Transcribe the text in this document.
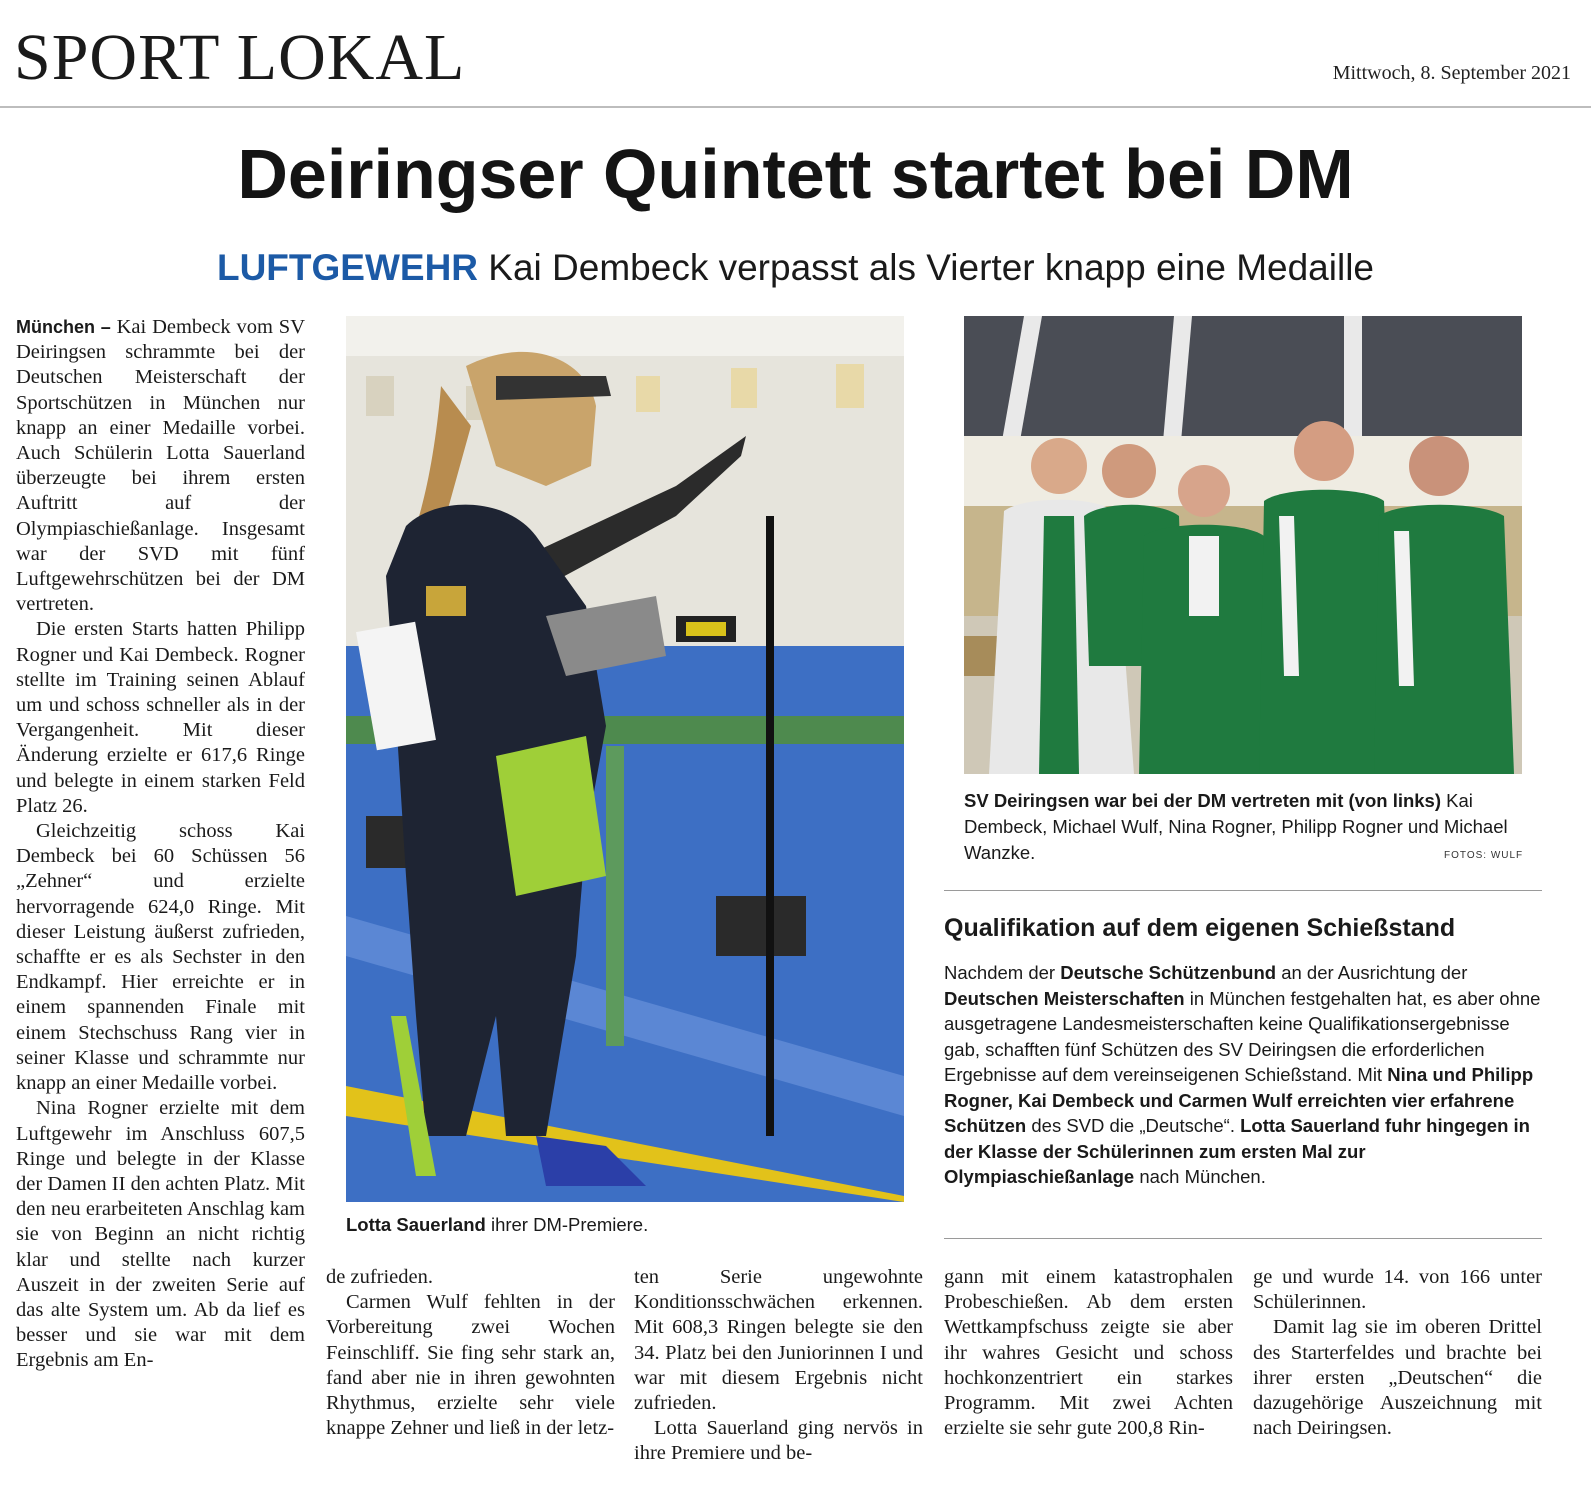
SPORT LOKAL	Mittwoch, 8. September 2021
Deiringser Quintett startet bei DM
LUFTGEWEHR Kai Dembeck verpasst als Vierter knapp eine Medaille

München – Kai Dembeck vom SV Deiringsen schrammte bei der Deutschen Meisterschaft der Sportschützen in München nur knapp an einer Medaille vorbei. Auch Schülerin Lotta Sauerland überzeugte bei ihrem ersten Auftritt auf der Olympiaschießanlage. Insgesamt war der SVD mit fünf Luftgewehrschützen bei der DM vertreten.

Die ersten Starts hatten Philipp Rogner und Kai Dembeck. Rogner stellte im Training seinen Ablauf um und schoss schneller als in der Vergangenheit. Mit dieser Änderung erzielte er 617,6 Ringe und belegte in einem starken Feld Platz 26.

Gleichzeitig schoss Kai Dembeck bei 60 Schüssen 56 „Zehner“ und erzielte hervorragende 624,0 Ringe. Mit dieser Leistung äußerst zufrieden, schaffte er es als Sechster in den Endkampf. Hier erreichte er in einem spannenden Finale mit einem Stechschuss Rang vier in seiner Klasse und schrammte nur knapp an einer Medaille vorbei.

Nina Rogner erzielte mit dem Luftgewehr im Anschluss 607,5 Ringe und belegte in der Klasse der Damen II den achten Platz. Mit den neu erarbeiteten Anschlag kam sie von Beginn an nicht richtig klar und stellte nach kurzer Auszeit in der zweiten Serie auf das alte System um. Ab da lief es besser und sie war mit dem Ergebnis am En-

Lotta Sauerland ihrer DM-Premiere.
SV Deiringsen war bei der DM vertreten mit (von links) Kai Dembeck, Michael Wulf, Nina Rogner, Philipp Rogner und Michael Wanzke.	FOTOS: WULF
Qualifikation auf dem eigenen Schießstand
Nachdem der Deutsche Schützenbund an der Ausrichtung der Deutschen Meisterschaften in München festgehalten hat, es aber ohne ausgetragene Landesmeisterschaften keine Qualifikationsergebnisse gab, schafften fünf Schützen des SV Deiringsen die erforderlichen Ergebnisse auf dem vereinseigenen Schießstand. Mit Nina und Philipp Rogner, Kai Dembeck und Carmen Wulf erreichten vier erfahrene Schützen des SVD die „Deutsche“. Lotta Sauerland fuhr hingegen in der Klasse der Schülerinnen zum ersten Mal zur Olympiaschießanlage nach München.

de zufrieden.

Carmen Wulf fehlten in der Vorbereitung zwei Wochen Feinschliff. Sie fing sehr stark an, fand aber nie in ihren gewohnten Rhythmus, erzielte sehr viele knappe Zehner und ließ in der letz-

ten Serie ungewohnte Konditionsschwächen erkennen. Mit 608,3 Ringen belegte sie den 34. Platz bei den Juniorinnen I und war mit diesem Ergebnis nicht zufrieden.

Lotta Sauerland ging nervös in ihre Premiere und be-

gann mit einem katastrophalen Probeschießen. Ab dem ersten Wettkampfschuss zeigte sie aber ihr wahres Gesicht und schoss hochkonzentriert ein starkes Programm. Mit zwei Achten erzielte sie sehr gute 200,8 Rin-

ge und wurde 14. von 166 unter Schülerinnen.

Damit lag sie im oberen Drittel des Starterfeldes und brachte bei ihrer ersten „Deutschen“ die dazugehörige Auszeichnung mit nach Deiringsen.
